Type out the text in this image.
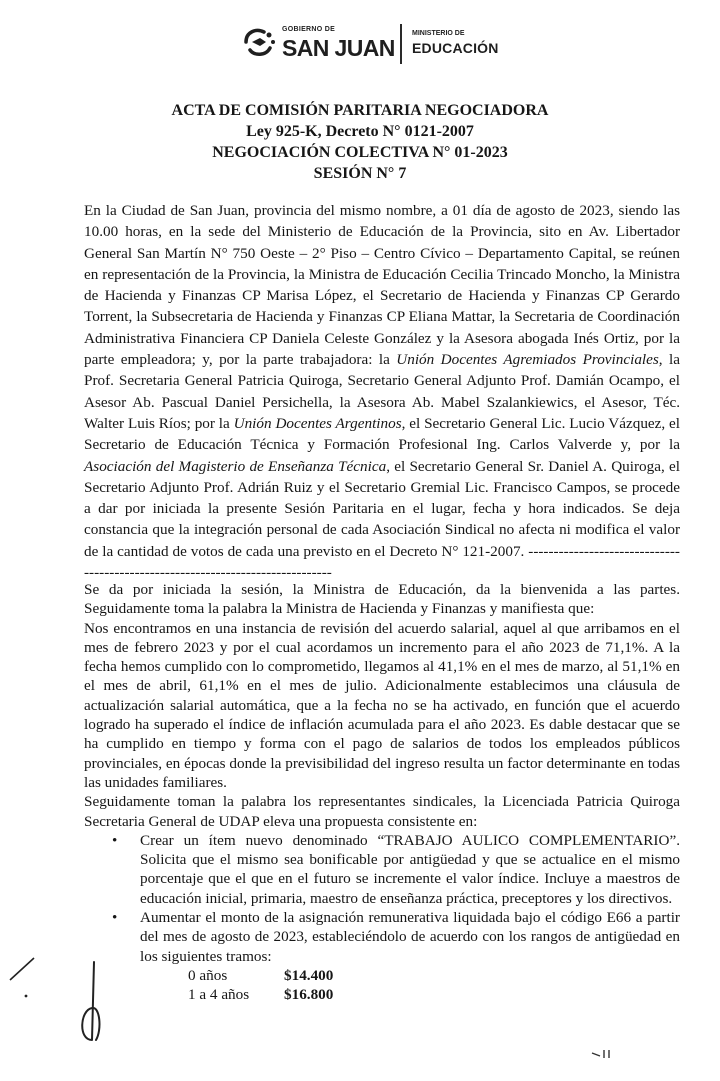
GOBIERNO DE
SAN JUAN
MINISTERIO DE
EDUCACIÓN
ACTA DE COMISIÓN PARITARIA NEGOCIADORA
Ley 925-K, Decreto N° 0121-2007
NEGOCIACIÓN COLECTIVA N° 01-2023
SESIÓN N° 7
En la Ciudad de San Juan, provincia del mismo nombre, a 01 día de agosto de 2023, siendo las 10.00 horas, en la sede del Ministerio de Educación de la Provincia, sito en Av. Libertador General San Martín N° 750 Oeste – 2° Piso – Centro Cívico – Departamento Capital, se reúnen en representación de la Provincia, la Ministra de Educación Cecilia Trincado Moncho, la Ministra de Hacienda y Finanzas CP Marisa López, el Secretario de Hacienda y Finanzas CP Gerardo Torrent, la Subsecretaria de Hacienda y Finanzas CP Eliana Mattar, la Secretaria de Coordinación Administrativa Financiera CP Daniela Celeste González y la Asesora abogada Inés Ortiz, por la parte empleadora; y, por la parte trabajadora: la Unión Docentes Agremiados Provinciales, la Prof. Secretaria General Patricia Quiroga, Secretario General Adjunto Prof. Damián Ocampo, el Asesor Ab. Pascual Daniel Persichella, la Asesora Ab. Mabel Szalankiewics, el Asesor, Téc. Walter Luis Ríos; por la Unión Docentes Argentinos, el Secretario General Lic. Lucio Vázquez, el Secretario de Educación Técnica y Formación Profesional Ing. Carlos Valverde y, por la Asociación del Magisterio de Enseñanza Técnica, el Secretario General Sr. Daniel A. Quiroga, el Secretario Adjunto Prof. Adrián Ruiz y el Secretario Gremial Lic. Francisco Campos, se procede a dar por iniciada la presente Sesión Paritaria en el lugar, fecha y hora indicados. Se deja constancia que la integración personal de cada Asociación Sindical no afecta ni modifica el valor de la cantidad de votos de cada una previsto en el Decreto N° 121-2007. -------------------------------------------------------------------------------

Se da por iniciada la sesión, la Ministra de Educación, da la bienvenida a las partes. Seguidamente toma la palabra la Ministra de Hacienda y Finanzas y manifiesta que:

Nos encontramos en una instancia de revisión del acuerdo salarial, aquel al que arribamos en el mes de febrero 2023 y por el cual acordamos un incremento para el año 2023 de 71,1%. A la fecha hemos cumplido con lo comprometido, llegamos al 41,1% en el mes de marzo, al 51,1% en el mes de abril, 61,1% en el mes de julio. Adicionalmente establecimos una cláusula de actualización salarial automática, que a la fecha no se ha activado, en función que el acuerdo logrado ha superado el índice de inflación acumulada para el año 2023. Es dable destacar que se ha cumplido en tiempo y forma con el pago de salarios de todos los empleados públicos provinciales, en épocas donde la previsibilidad del ingreso resulta un factor determinante en todas las unidades familiares.

Seguidamente toman la palabra los representantes sindicales, la Licenciada Patricia Quiroga Secretaria General de UDAP eleva una propuesta consistente en:

• Crear un ítem nuevo denominado “TRABAJO AULICO COMPLEMENTARIO”. Solicita que el mismo sea bonificable por antigüedad y que se actualice en el mismo porcentaje que el que en el futuro se incremente el valor índice. Incluye a maestros de educación inicial, primaria, maestro de enseñanza práctica, preceptores y los directivos.
• Aumentar el monto de la asignación remunerativa liquidada bajo el código E66 a partir del mes de agosto de 2023, estableciéndolo de acuerdo con los rangos de antigüedad en los siguientes tramos:
0 años	$14.400
1 a 4 años	$16.800
